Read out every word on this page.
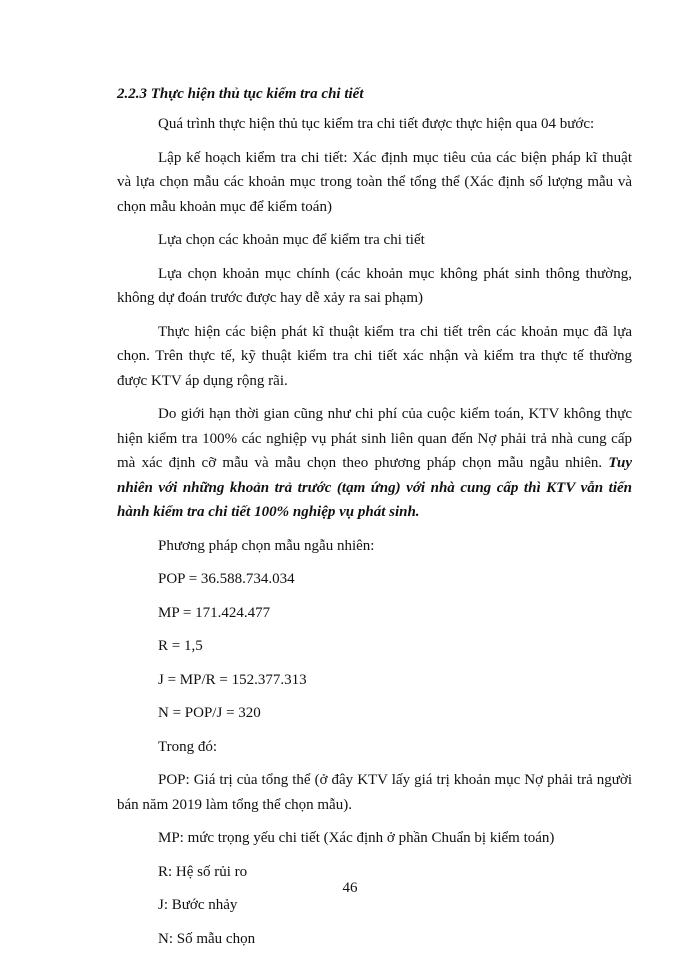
2.2.3 Thực hiện thủ tục kiểm tra chi tiết

Quá trình thực hiện thủ tục kiểm tra chi tiết được thực hiện qua 04 bước:

Lập kế hoạch kiểm tra chi tiết: Xác định mục tiêu của các biện pháp kĩ thuật và lựa chọn mẫu các khoản mục trong toàn thể tổng thể (Xác định số lượng mẫu và chọn mẫu khoản mục để kiểm toán)

Lựa chọn các khoản mục để kiểm tra chi tiết

Lựa chọn khoản mục chính (các khoản mục không phát sinh thông thường, không dự đoán trước được hay dễ xảy ra sai phạm)

Thực hiện các biện phát kĩ thuật kiểm tra chi tiết trên các khoản mục đã lựa chọn. Trên thực tế, kỹ thuật kiểm tra chi tiết xác nhận và kiểm tra thực tế thường được KTV áp dụng rộng rãi.

Do giới hạn thời gian cũng như chi phí của cuộc kiểm toán, KTV không thực hiện kiểm tra 100% các nghiệp vụ phát sinh liên quan đến Nợ phải trả nhà cung cấp mà xác định cỡ mẫu và mẫu chọn theo phương pháp chọn mẫu ngẫu nhiên. Tuy nhiên với những khoản trả trước (tạm ứng) với nhà cung cấp thì KTV vẫn tiến hành kiểm tra chi tiết 100% nghiệp vụ phát sinh.

Phương pháp chọn mẫu ngẫu nhiên:

POP = 36.588.734.034

MP = 171.424.477

R = 1,5

J = MP/R = 152.377.313

N = POP/J = 320

Trong đó:

POP: Giá trị của tổng thể (ở đây KTV lấy giá trị khoản mục Nợ phải trả người bán năm 2019 làm tổng thể chọn mẫu).

MP: mức trọng yếu chi tiết (Xác định ở phần Chuẩn bị kiểm toán)

R: Hệ số rủi ro

J: Bước nhảy

N: Số mẫu chọn

46
